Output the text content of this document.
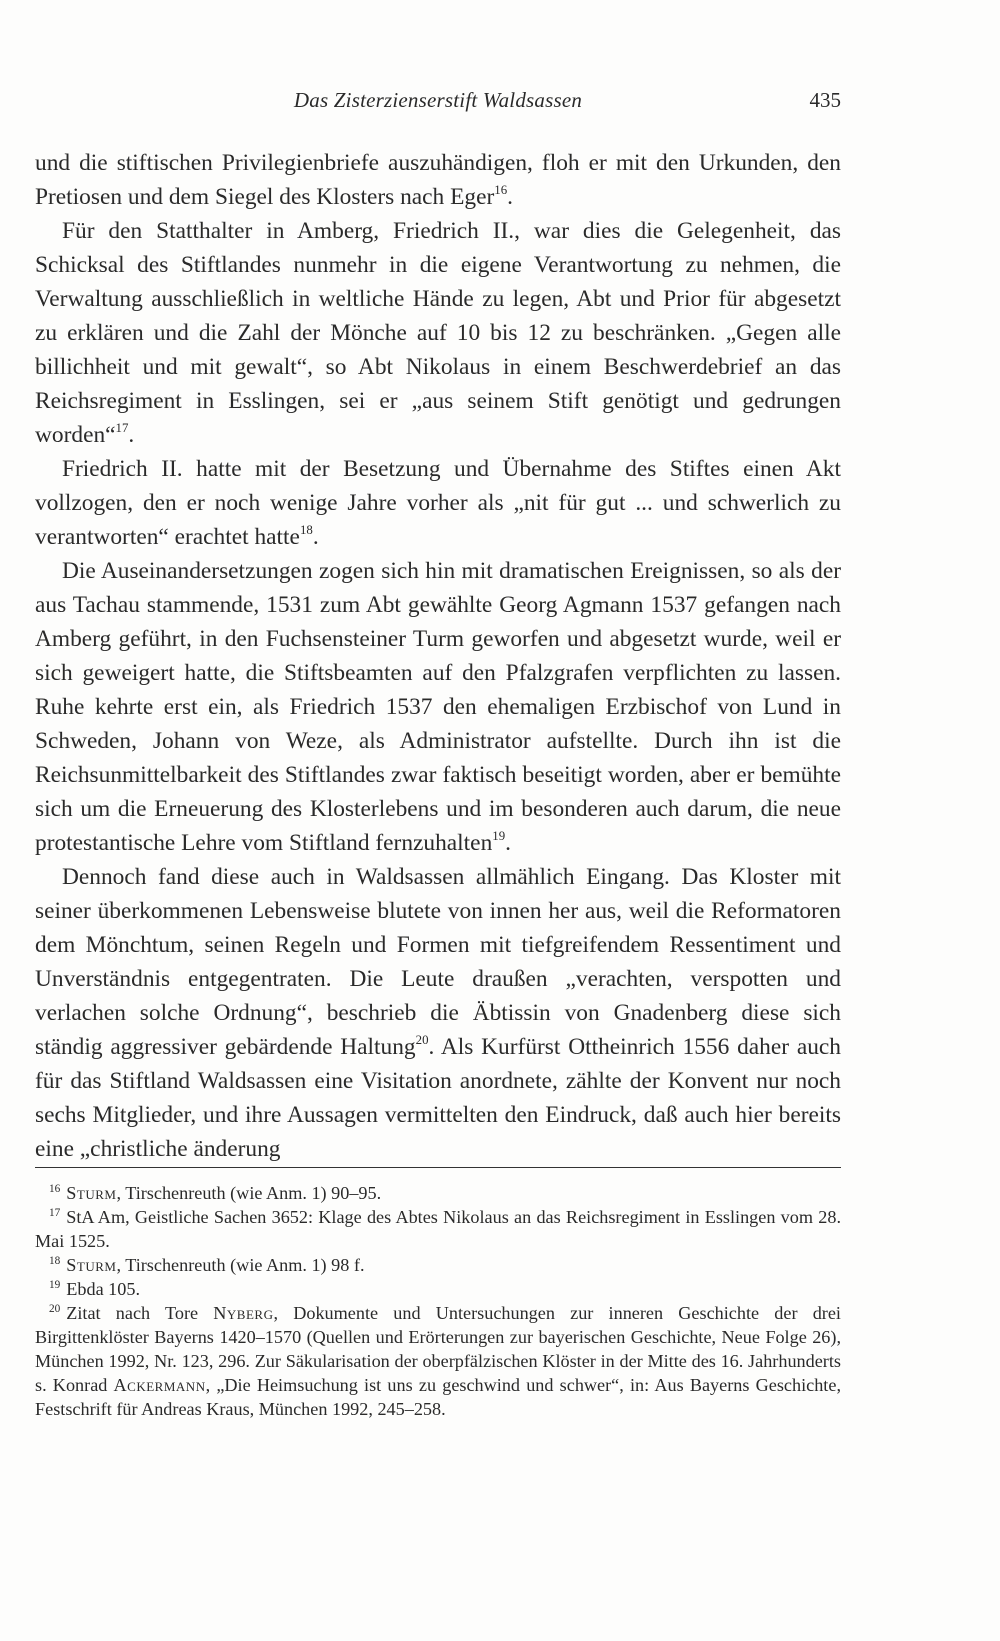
Das Zisterzienserstift Waldsassen	435

und die stiftischen Privilegienbriefe auszuhändigen, floh er mit den Urkunden, den Pretiosen und dem Siegel des Klosters nach Eger$^{16}$.

Für den Statthalter in Amberg, Friedrich II., war dies die Gelegenheit, das Schicksal des Stiftlandes nunmehr in die eigene Verantwortung zu nehmen, die Verwaltung ausschließlich in weltliche Hände zu legen, Abt und Prior für abgesetzt zu erklären und die Zahl der Mönche auf 10 bis 12 zu beschränken. „Gegen alle billichheit und mit gewalt“, so Abt Nikolaus in einem Beschwerdebrief an das Reichsregiment in Esslingen, sei er „aus seinem Stift genötigt und gedrungen worden“$^{17}$.

Friedrich II. hatte mit der Besetzung und Übernahme des Stiftes einen Akt vollzogen, den er noch wenige Jahre vorher als „nit für gut ... und schwerlich zu verantworten“ erachtet hatte$^{18}$.

Die Auseinandersetzungen zogen sich hin mit dramatischen Ereignissen, so als der aus Tachau stammende, 1531 zum Abt gewählte Georg Agmann 1537 gefangen nach Amberg geführt, in den Fuchsensteiner Turm geworfen und abgesetzt wurde, weil er sich geweigert hatte, die Stiftsbeamten auf den Pfalzgrafen verpflichten zu lassen. Ruhe kehrte erst ein, als Friedrich 1537 den ehemaligen Erzbischof von Lund in Schweden, Johann von Weze, als Administrator aufstellte. Durch ihn ist die Reichsunmittelbarkeit des Stiftlandes zwar faktisch beseitigt worden, aber er bemühte sich um die Erneuerung des Klosterlebens und im besonderen auch darum, die neue protestantische Lehre vom Stiftland fernzuhalten$^{19}$.

Dennoch fand diese auch in Waldsassen allmählich Eingang. Das Kloster mit seiner überkommenen Lebensweise blutete von innen her aus, weil die Reformatoren dem Mönchtum, seinen Regeln und Formen mit tiefgreifendem Ressentiment und Unverständnis entgegentraten. Die Leute draußen „verachten, verspotten und verlachen solche Ordnung“, beschrieb die Äbtissin von Gnadenberg diese sich ständig aggressiver gebärdende Haltung$^{20}$. Als Kurfürst Ottheinrich 1556 daher auch für das Stiftland Waldsassen eine Visitation anordnete, zählte der Konvent nur noch sechs Mitglieder, und ihre Aussagen vermittelten den Eindruck, daß auch hier bereits eine „christliche änderung

$^{16}$ Sturm, Tirschenreuth (wie Anm. 1) 90–95.

$^{17}$ StA Am, Geistliche Sachen 3652: Klage des Abtes Nikolaus an das Reichsregiment in Esslingen vom 28. Mai 1525.

$^{18}$ Sturm, Tirschenreuth (wie Anm. 1) 98 f.

$^{19}$ Ebda 105.

$^{20}$ Zitat nach Tore Nyberg, Dokumente und Untersuchungen zur inneren Geschichte der drei Birgittenklöster Bayerns 1420–1570 (Quellen und Erörterungen zur bayerischen Geschichte, Neue Folge 26), München 1992, Nr. 123, 296. Zur Säkularisation der oberpfälzischen Klöster in der Mitte des 16. Jahrhunderts s. Konrad Ackermann, „Die Heimsuchung ist uns zu geschwind und schwer“, in: Aus Bayerns Geschichte, Festschrift für Andreas Kraus, München 1992, 245–258.
